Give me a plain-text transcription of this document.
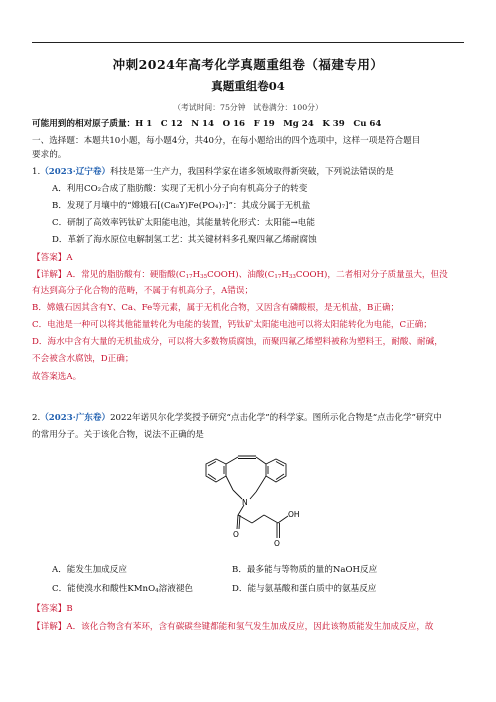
冲刺2024年高考化学真题重组卷（福建专用）
真题重组卷04
（考试时间：75分钟　试卷满分：100分）
可能用到的相对原子质量：H 1　C 12　N 14　O 16　F 19　Mg 24　K 39　Cu 64
一、选择题：本题共10小题，每小题4分，共40分，在每小题给出的四个选项中，这样一项是符合题目
要求的。
1.（2023·辽宁卷）科技是第一生产力，我国科学家在诸多领域取得新突破，下列说法错误的是
A．利用CO₂合成了脂肪酸：实现了无机小分子向有机高分子的转变
B．发现了月壤中的“嫦娥石[(Ca₈Y)Fe(PO₄)₇]”：其成分属于无机盐
C．研制了高效率钙钛矿太阳能电池，其能量转化形式：太阳能→电能
D．革新了海水原位电解制氢工艺：其关键材料多孔聚四氟乙烯耐腐蚀
【答案】A
【详解】A．常见的脂肪酸有：硬脂酸$(C_{17}H_{35}COOH)$、油酸$(C_{17}H_{33}COOH)$，二者相对分子质量虽大，但没
有达到高分子化合物的范畴，不属于有机高分子，A错误；
B．嫦娥石因其含有Y、Ca、Fe等元素，属于无机化合物，又因含有磷酸根，是无机盐，B正确；
C．电池是一种可以将其他能量转化为电能的装置，钙钛矿太阳能电池可以将太阳能转化为电能，C正确；
D．海水中含有大量的无机盐成分，可以将大多数物质腐蚀，而聚四氟乙烯塑料被称为塑料王，耐酸、耐碱，
不会被含水腐蚀，D正确；
故答案选A。
2.（2023·广东卷）2022年诺贝尔化学奖授予研究“点击化学”的科学家。图所示化合物是“点击化学”研究中
的常用分子。关于该化合物，说法不正确的是
N
O
OH
O
A．能发生加成反应	B．最多能与等物质的量的NaOH反应
C．能使溴水和酸性KMnO$_4$溶液褪色	D．能与氨基酸和蛋白质中的氨基反应
【答案】B
【详解】A．该化合物含有苯环，含有碳碳叁键都能和氢气发生加成反应，因此该物质能发生加成反应，故
